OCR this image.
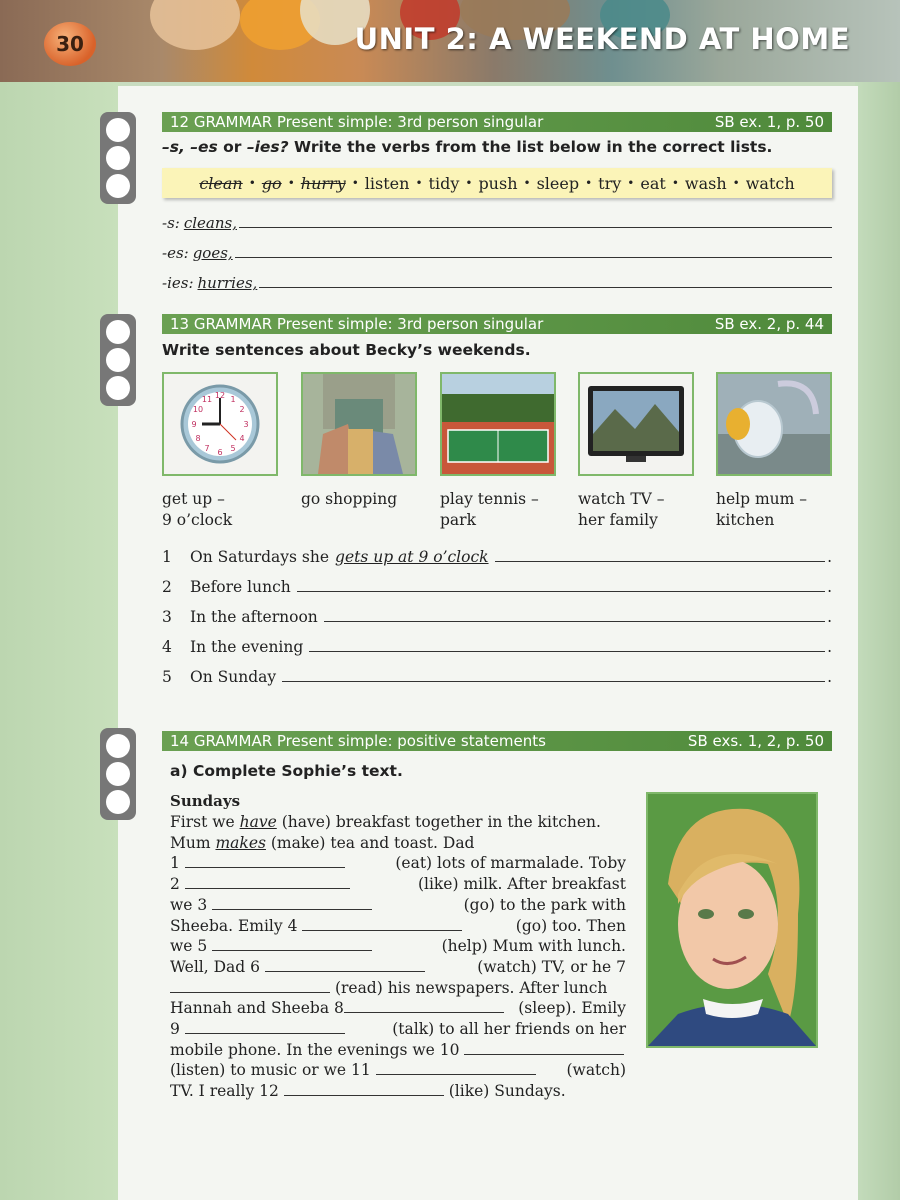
30	UNIT 2: A WEEKEND AT HOME
12 GRAMMAR Present simple: 3rd person singular	SB ex. 1, p. 50
–s, –es or –ies? Write the verbs from the list below in the correct lists.
clean • go • hurry • listen • tidy • push • sleep • try • eat • wash • watch
-s: cleans,
-es: goes,
-ies: hurries,
13 GRAMMAR Present simple: 3rd person singular	SB ex. 2, p. 44
Write sentences about Becky’s weekends.
12 1
2
3
4
5
6
7
8
9
10
11
get up –
9 o’clock
go shopping	play tennis –
park
watch TV –
her family
help mum –
kitchen
1	On Saturdays she gets up at 9 o’clock	.
2	Before lunch	.
3	In the afternoon	.
4	In the evening	.
5	On Sunday	.
14 GRAMMAR Present simple: positive statements	SB exs. 1, 2, p. 50
a) Complete Sophie’s text.
Sundays
First we have (have) breakfast together in the kitchen.
Mum makes (make) tea and toast. Dad
1	(eat) lots of marmalade. Toby
2	(like) milk. After breakfast
we 3	(go) to the park with
Sheeba. Emily 4	(go) too. Then
we 5	(help) Mum with lunch.
Well, Dad 6	(watch) TV, or he 7
(read) his newspapers. After lunch
Hannah and Sheeba 8	(sleep). Emily
9	(talk) to all her friends on her
mobile phone. In the evenings we 10
(listen) to music or we 11	(watch)
TV. I really 12	(like) Sundays.
